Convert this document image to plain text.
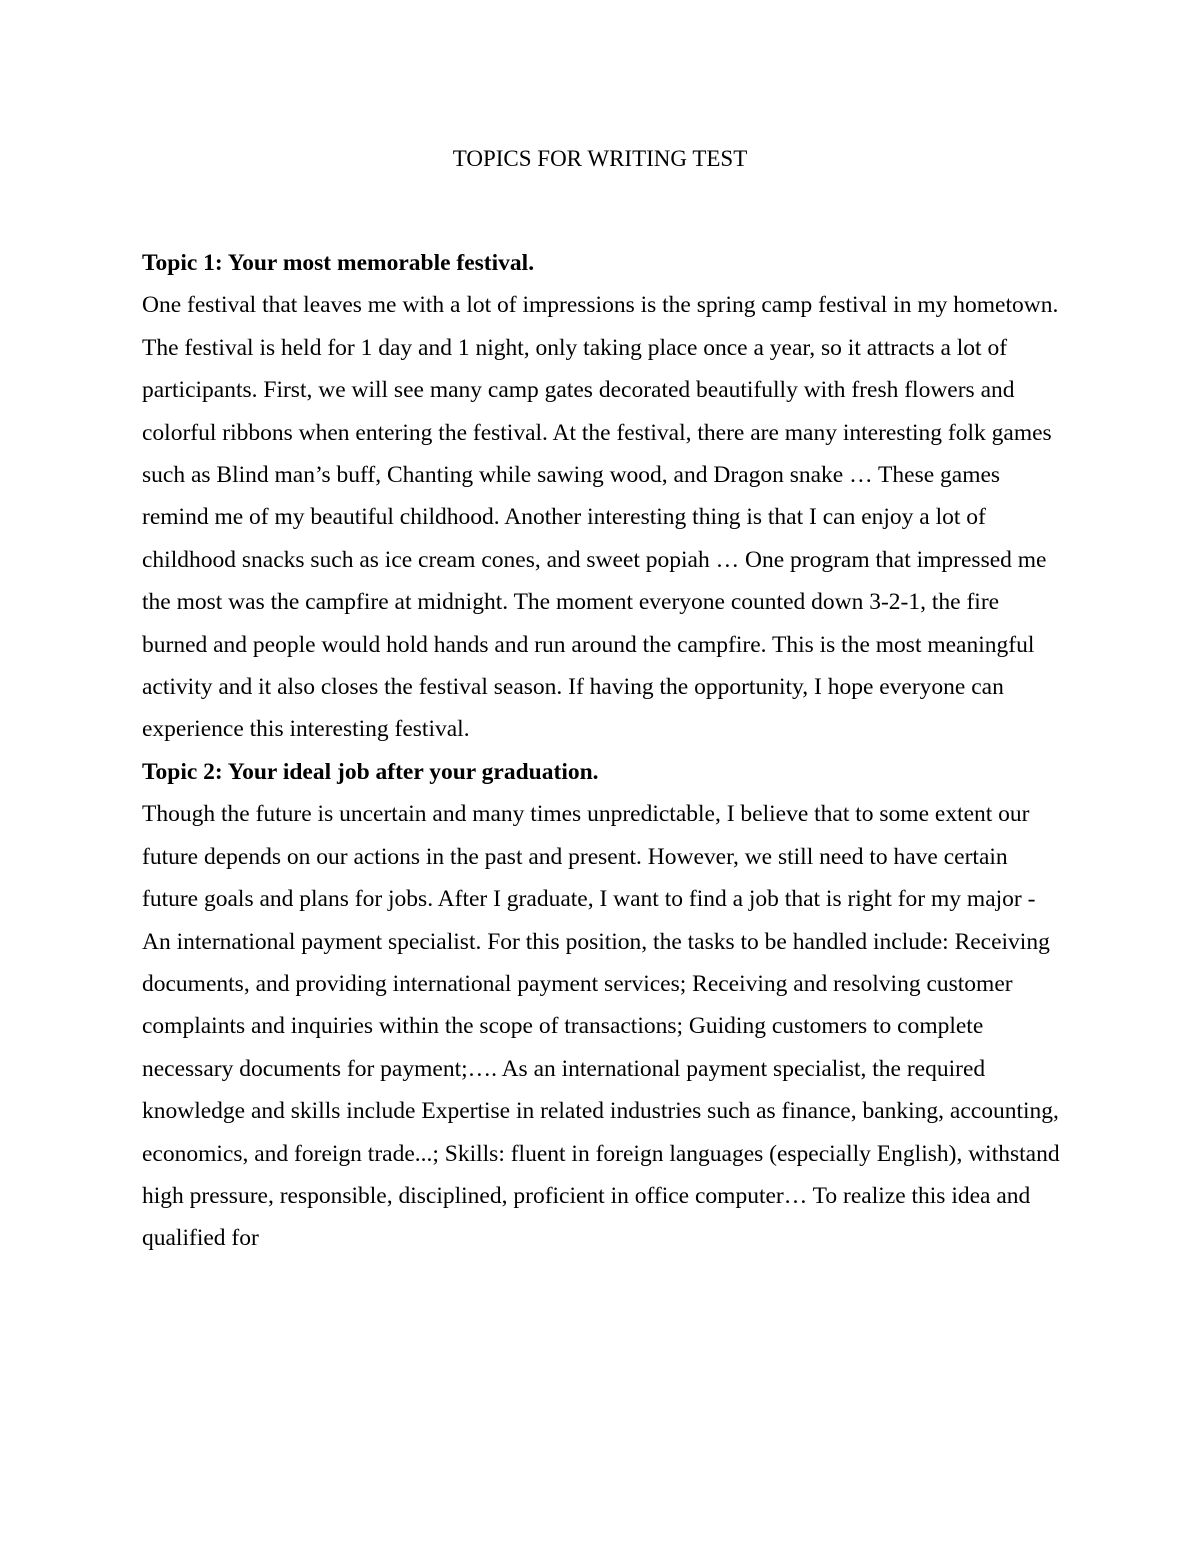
TOPICS FOR WRITING TEST
Topic 1: Your most memorable festival.

One festival that leaves me with a lot of impressions is the spring camp festival in my hometown. The festival is held for 1 day and 1 night, only taking place once a year, so it attracts a lot of participants. First, we will see many camp gates decorated beautifully with fresh flowers and colorful ribbons when entering the festival. At the festival, there are many interesting folk games such as Blind man’s buff, Chanting while sawing wood, and Dragon snake … These games remind me of my beautiful childhood. Another interesting thing is that I can enjoy a lot of childhood snacks such as ice cream cones, and sweet popiah … One program that impressed me the most was the campfire at midnight. The moment everyone counted down 3-2-1, the fire burned and people would hold hands and run around the campfire. This is the most meaningful activity and it also closes the festival season. If having the opportunity, I hope everyone can experience this interesting festival.

Topic 2: Your ideal job after your graduation.

Though the future is uncertain and many times unpredictable, I believe that to some extent our future depends on our actions in the past and present. However, we still need to have certain future goals and plans for jobs. After I graduate, I want to find a job that is right for my major - An international payment specialist. For this position, the tasks to be handled include: Receiving documents, and providing international payment services; Receiving and resolving customer complaints and inquiries within the scope of transactions; Guiding customers to complete necessary documents for payment;…. As an international payment specialist, the required knowledge and skills include Expertise in related industries such as finance, banking, accounting, economics, and foreign trade...; Skills: fluent in foreign languages (especially English), withstand high pressure, responsible, disciplined, proficient in office computer… To realize this idea and qualified for
